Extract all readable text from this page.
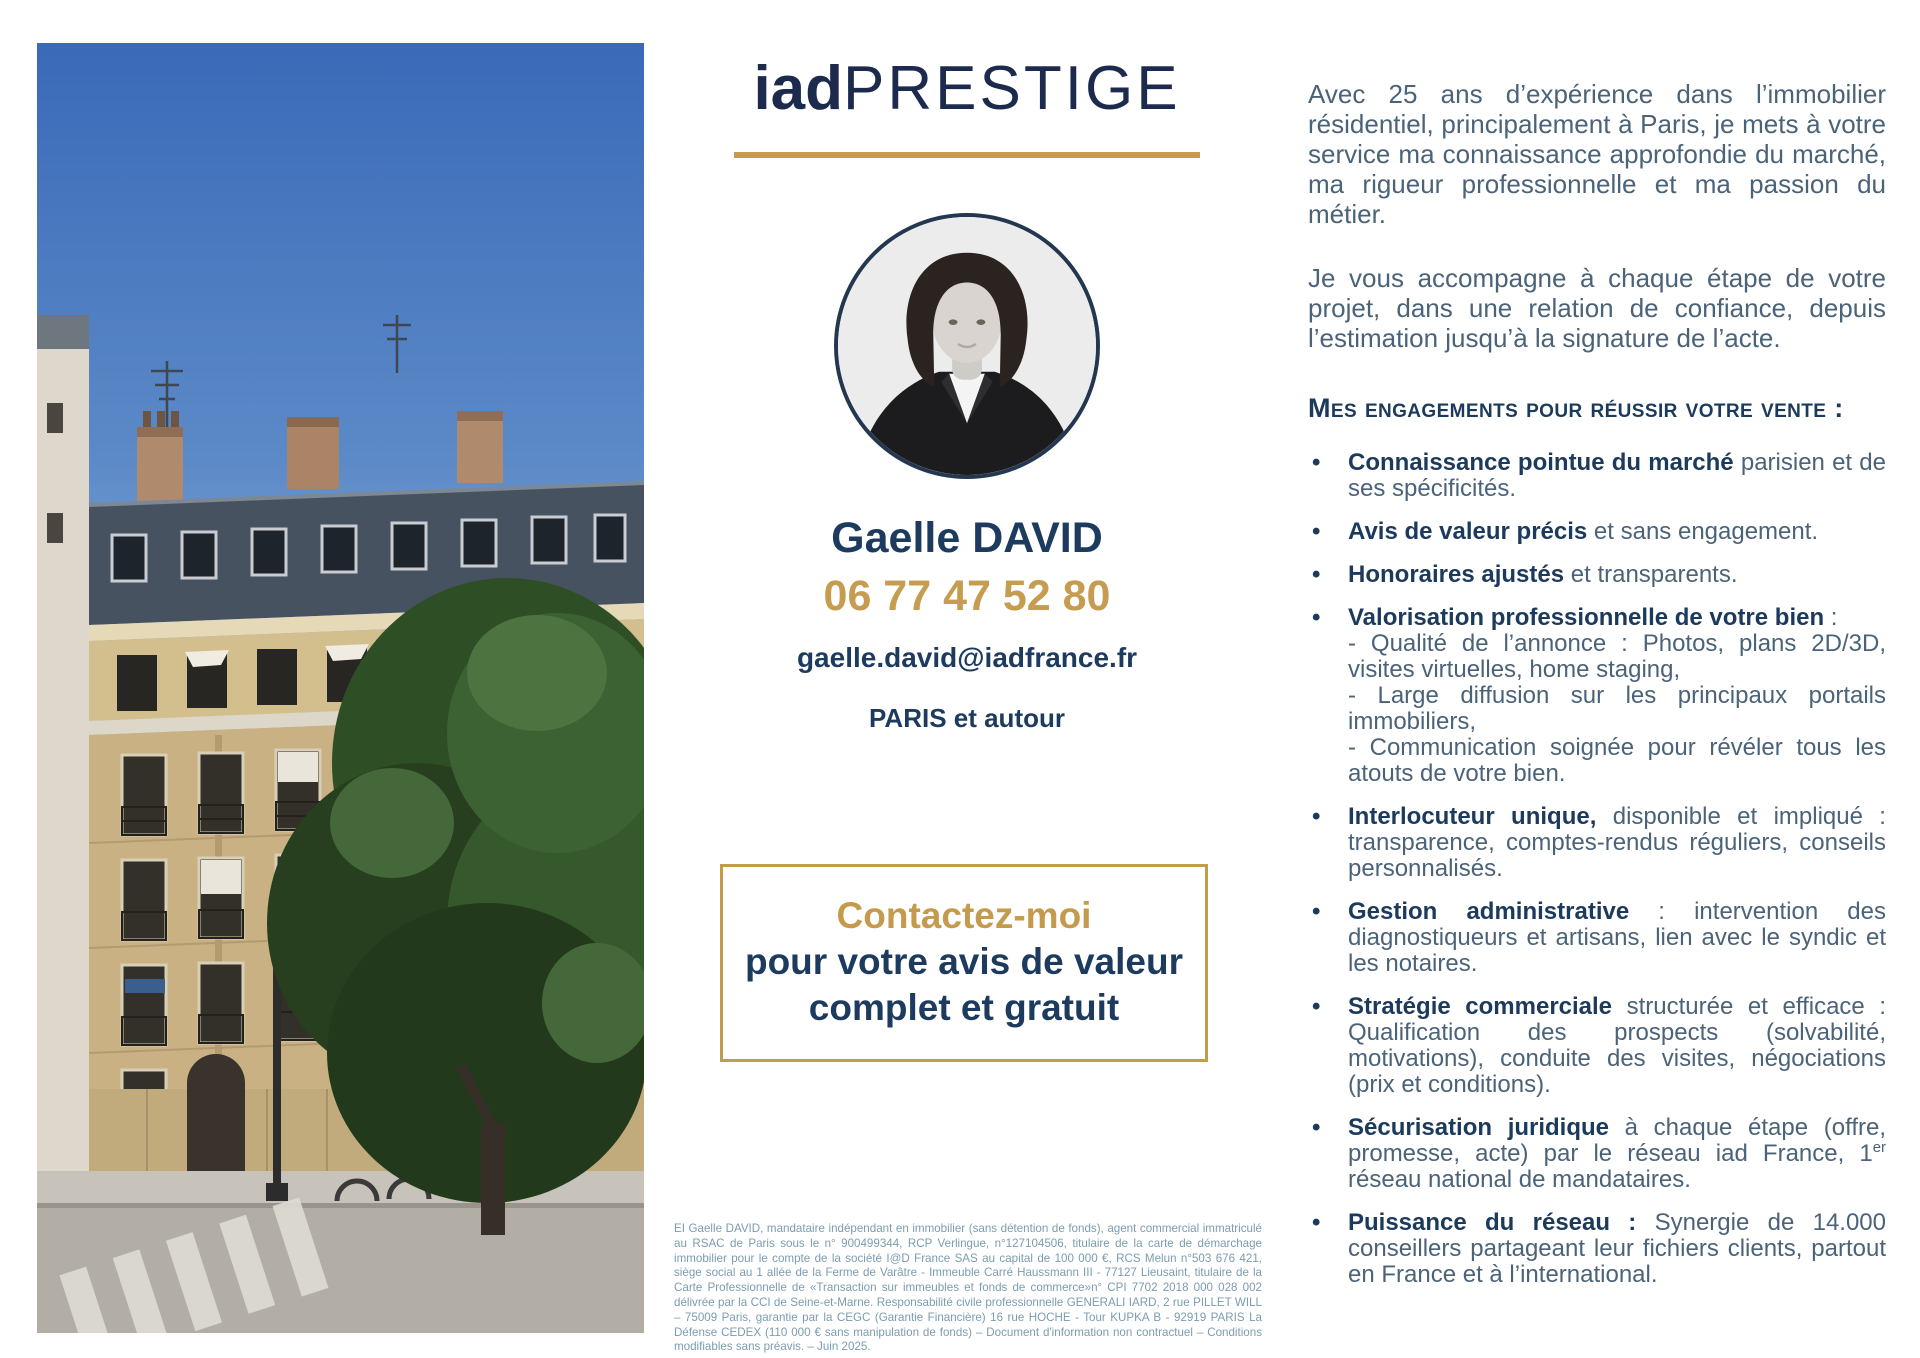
iadPRESTIGE
Gaelle DAVID
06 77 47 52 80
gaelle.david@iadfrance.fr
PARIS et autour
Contactez-moi
pour votre avis de valeur
complet et gratuit
EI Gaelle DAVID, mandataire indépendant en immobilier (sans détention de fonds), agent commercial immatriculé au RSAC de Paris sous le n° 900499344, RCP Verlingue, n°127104506, titulaire de la carte de démarchage immobilier pour le compte de la société I@D France SAS au capital de 100 000 €, RCS Melun n°503 676 421, siège social au 1 allée de la Ferme de Varâtre - Immeuble Carré Haussmann III - 77127 Lieusaint, titulaire de la Carte Professionnelle de «Transaction sur immeubles et fonds de commerce»n° CPI 7702 2018 000 028 002 délivrée par la CCI de Seine-et-Marne. Responsabilité civile professionnelle GENERALI IARD, 2 rue PILLET WILL – 75009 Paris, garantie par la CEGC (Garantie Financière) 16 rue HOCHE - Tour KUPKA B - 92919 PARIS La Défense CEDEX (110 000 € sans manipulation de fonds) – Document d'information non contractuel – Conditions modifiables sans préavis. – Juin 2025.

Avec 25 ans d’expérience dans l’immobilier résidentiel, principalement à Paris, je mets à votre service ma connaissance approfondie du marché, ma rigueur professionnelle et ma passion du métier.

Je vous accompagne à chaque étape de votre projet, dans une relation de confiance, depuis l’estimation jusqu’à la signature de l’acte.

Mes engagements pour réussir votre vente :
• Connaissance pointue du marché parisien et de ses spécificités.
• Avis de valeur précis et sans engagement.
• Honoraires ajustés et transparents.
• Valorisation professionnelle de votre bien :
- Qualité de l’annonce : Photos, plans 2D/3D, visites virtuelles, home staging,
- Large diffusion sur les principaux portails immobiliers,
- Communication soignée pour révéler tous les atouts de votre bien.
• Interlocuteur unique, disponible et impliqué : transparence, comptes-rendus réguliers, conseils personnalisés.
• Gestion administrative : intervention des diagnostiqueurs et artisans, lien avec le syndic et les notaires.
• Stratégie commerciale structurée et efficace : Qualification des prospects (solvabilité, motivations), conduite des visites, négociations (prix et conditions).
• Sécurisation juridique à chaque étape (offre, promesse, acte) par le réseau iad France, 1er réseau national de mandataires.
• Puissance du réseau : Synergie de 14.000 conseillers partageant leur fichiers clients, partout en France et à l’international.
